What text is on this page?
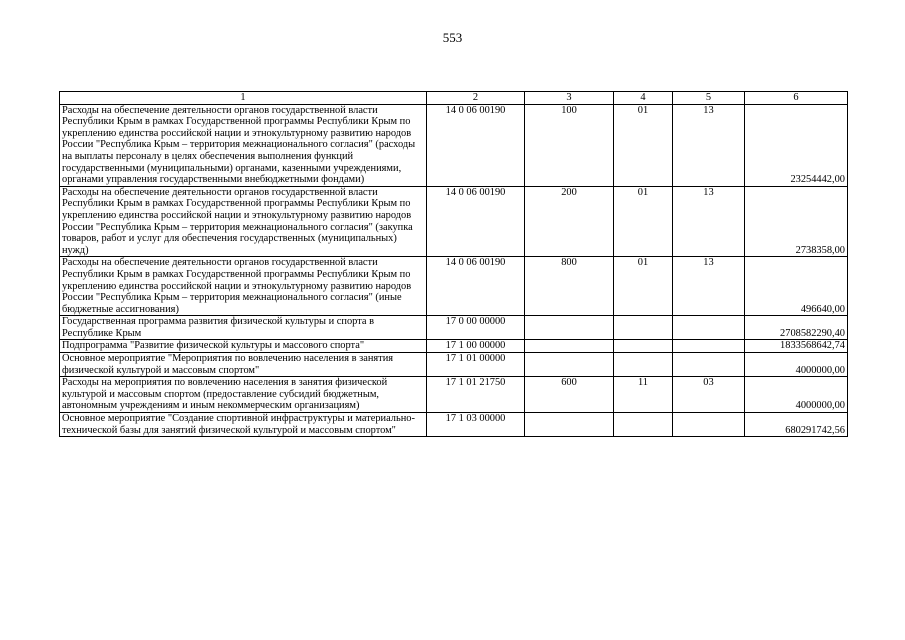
553
1	2	3	4	5	6
Расходы на обеспечение деятельности органов государственной власти Республики Крым в рамках Государственной программы Республики Крым по укреплению единства российской нации и этнокультурному развитию народов России "Республика Крым – территория межнационального согласия" (расходы на выплаты персоналу в целях обеспечения выполнения функций государственными (муниципальными) органами, казенными учреждениями, органами управления государственными внебюджетными фондами)	14 0 06 00190	100	01	13	23254442,00
Расходы на обеспечение деятельности органов государственной власти Республики Крым в рамках Государственной программы Республики Крым по укреплению единства российской нации и этнокультурному развитию народов России "Республика Крым – территория межнационального согласия" (закупка товаров, работ и услуг для обеспечения государственных (муниципальных) нужд)	14 0 06 00190	200	01	13	2738358,00
Расходы на обеспечение деятельности органов государственной власти Республики Крым в рамках Государственной программы Республики Крым по укреплению единства российской нации и этнокультурному развитию народов России "Республика Крым – территория межнационального согласия" (иные бюджетные ассигнования)	14 0 06 00190	800	01	13	496640,00
Государственная программа развития физической культуры и спорта в Республике Крым	17 0 00 00000				2708582290,40
Подпрограмма "Развитие физической культуры и массового спорта"	17 1 00 00000				1833568642,74
Основное мероприятие "Мероприятия по вовлечению населения в занятия физической культурой и массовым спортом"	17 1 01 00000				4000000,00
Расходы на мероприятия по вовлечению населения в занятия физической культурой и массовым спортом (предоставление субсидий бюджетным, автономным учреждениям и иным некоммерческим организациям)	17 1 01 21750	600	11	03	4000000,00
Основное мероприятие "Создание спортивной инфраструктуры и материально-технической базы для занятий физической культурой и массовым спортом"	17 1 03 00000				680291742,56
